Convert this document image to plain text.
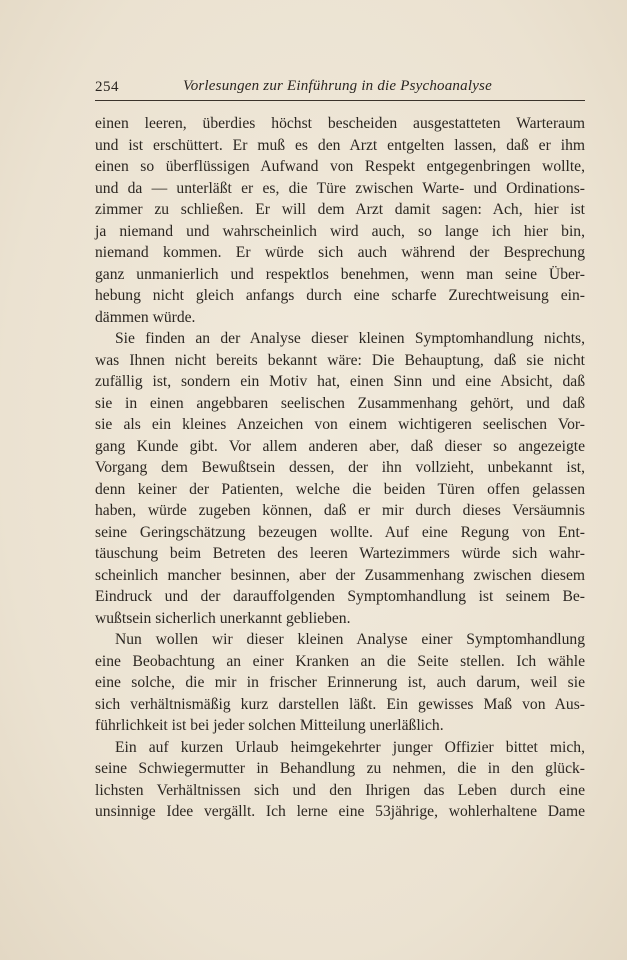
254	Vorlesungen zur Einführung in die Psychoanalyse
einen leeren, überdies höchst bescheiden ausgestatteten Warteraum
und ist erschüttert. Er muß es den Arzt entgelten lassen, daß er ihm
einen so überflüssigen Aufwand von Respekt entgegenbringen wollte,
und da — unterläßt er es, die Türe zwischen Warte- und Ordinations-
zimmer zu schließen. Er will dem Arzt damit sagen: Ach, hier ist
ja niemand und wahrscheinlich wird auch, so lange ich hier bin,
niemand kommen. Er würde sich auch während der Besprechung
ganz unmanierlich und respektlos benehmen, wenn man seine Über-
hebung nicht gleich anfangs durch eine scharfe Zurechtweisung ein-
dämmen würde.
Sie finden an der Analyse dieser kleinen Symptomhandlung nichts,
was Ihnen nicht bereits bekannt wäre: Die Behauptung, daß sie nicht
zufällig ist, sondern ein Motiv hat, einen Sinn und eine Absicht, daß
sie in einen angebbaren seelischen Zusammenhang gehört, und daß
sie als ein kleines Anzeichen von einem wichtigeren seelischen Vor-
gang Kunde gibt. Vor allem anderen aber, daß dieser so angezeigte
Vorgang dem Bewußtsein dessen, der ihn vollzieht, unbekannt ist,
denn keiner der Patienten, welche die beiden Türen offen gelassen
haben, würde zugeben können, daß er mir durch dieses Versäumnis
seine Geringschätzung bezeugen wollte. Auf eine Regung von Ent-
täuschung beim Betreten des leeren Wartezimmers würde sich wahr-
scheinlich mancher besinnen, aber der Zusammenhang zwischen diesem
Eindruck und der darauffolgenden Symptomhandlung ist seinem Be-
wußtsein sicherlich unerkannt geblieben.
Nun wollen wir dieser kleinen Analyse einer Symptomhandlung
eine Beobachtung an einer Kranken an die Seite stellen. Ich wähle
eine solche, die mir in frischer Erinnerung ist, auch darum, weil sie
sich verhältnismäßig kurz darstellen läßt. Ein gewisses Maß von Aus-
führlichkeit ist bei jeder solchen Mitteilung unerläßlich.
Ein auf kurzen Urlaub heimgekehrter junger Offizier bittet mich,
seine Schwiegermutter in Behandlung zu nehmen, die in den glück-
lichsten Verhältnissen sich und den Ihrigen das Leben durch eine
unsinnige Idee vergällt. Ich lerne eine 53jährige, wohlerhaltene Dame
